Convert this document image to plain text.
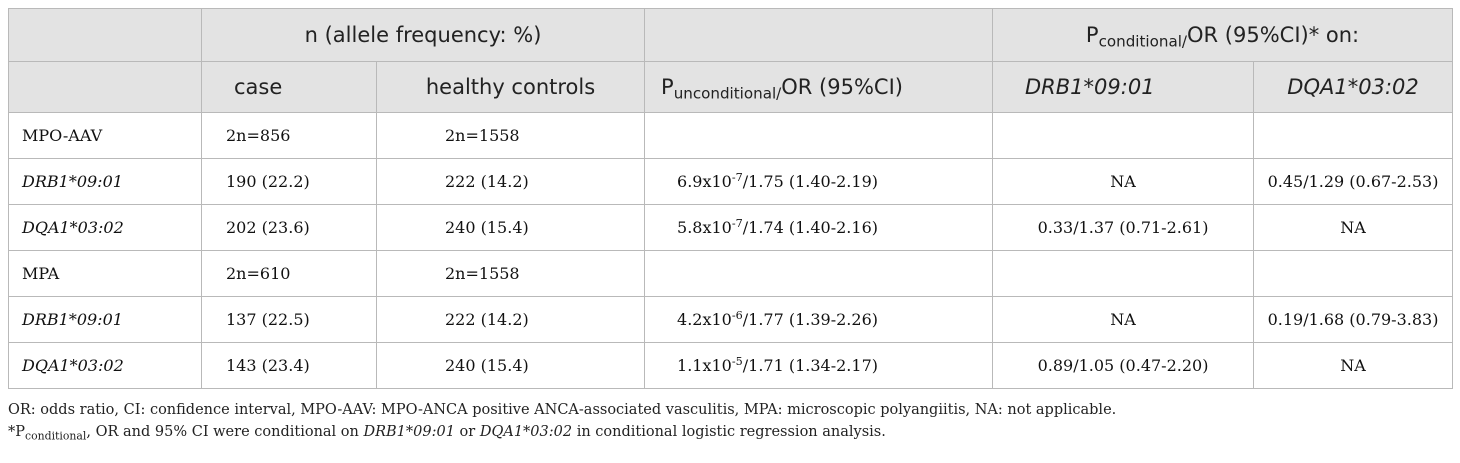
	n (allele frequency: %)			$P_{conditional/}OR$ (95%CI)* on:	
	case	healthy controls	$P_{unconditional/}OR$ (95%CI)	DRB1*09:01	DQA1*03:02
MPO-AAV	2n=856	2n=1558			
DRB1*09:01	190 (22.2)	222 (14.2)	$6.9x10^{-7}/1.75$ (1.40-2.19)	NA	0.45/1.29 (0.67-2.53)
DQA1*03:02	202 (23.6)	240 (15.4)	$5.8x10^{-7}/1.74$ (1.40-2.16)	0.33/1.37 (0.71-2.61)	NA
MPA	2n=610	2n=1558			
DRB1*09:01	137 (22.5)	222 (14.2)	$4.2x10^{-6}/1.77$ (1.39-2.26)	NA	0.19/1.68 (0.79-3.83)
DQA1*03:02	143 (23.4)	240 (15.4)	$1.1x10^{-5}/1.71$ (1.34-2.17)	0.89/1.05 (0.47-2.20)	NA
OR: odds ratio, CI: confidence interval, MPO-AAV: MPO-ANCA positive ANCA-associated vasculitis, MPA: microscopic polyangiitis, NA: not applicable.
$*P_{conditional}$, OR and 95% CI were conditional on DRB1*09:01 or DQA1*03:02 in conditional logistic regression analysis.
